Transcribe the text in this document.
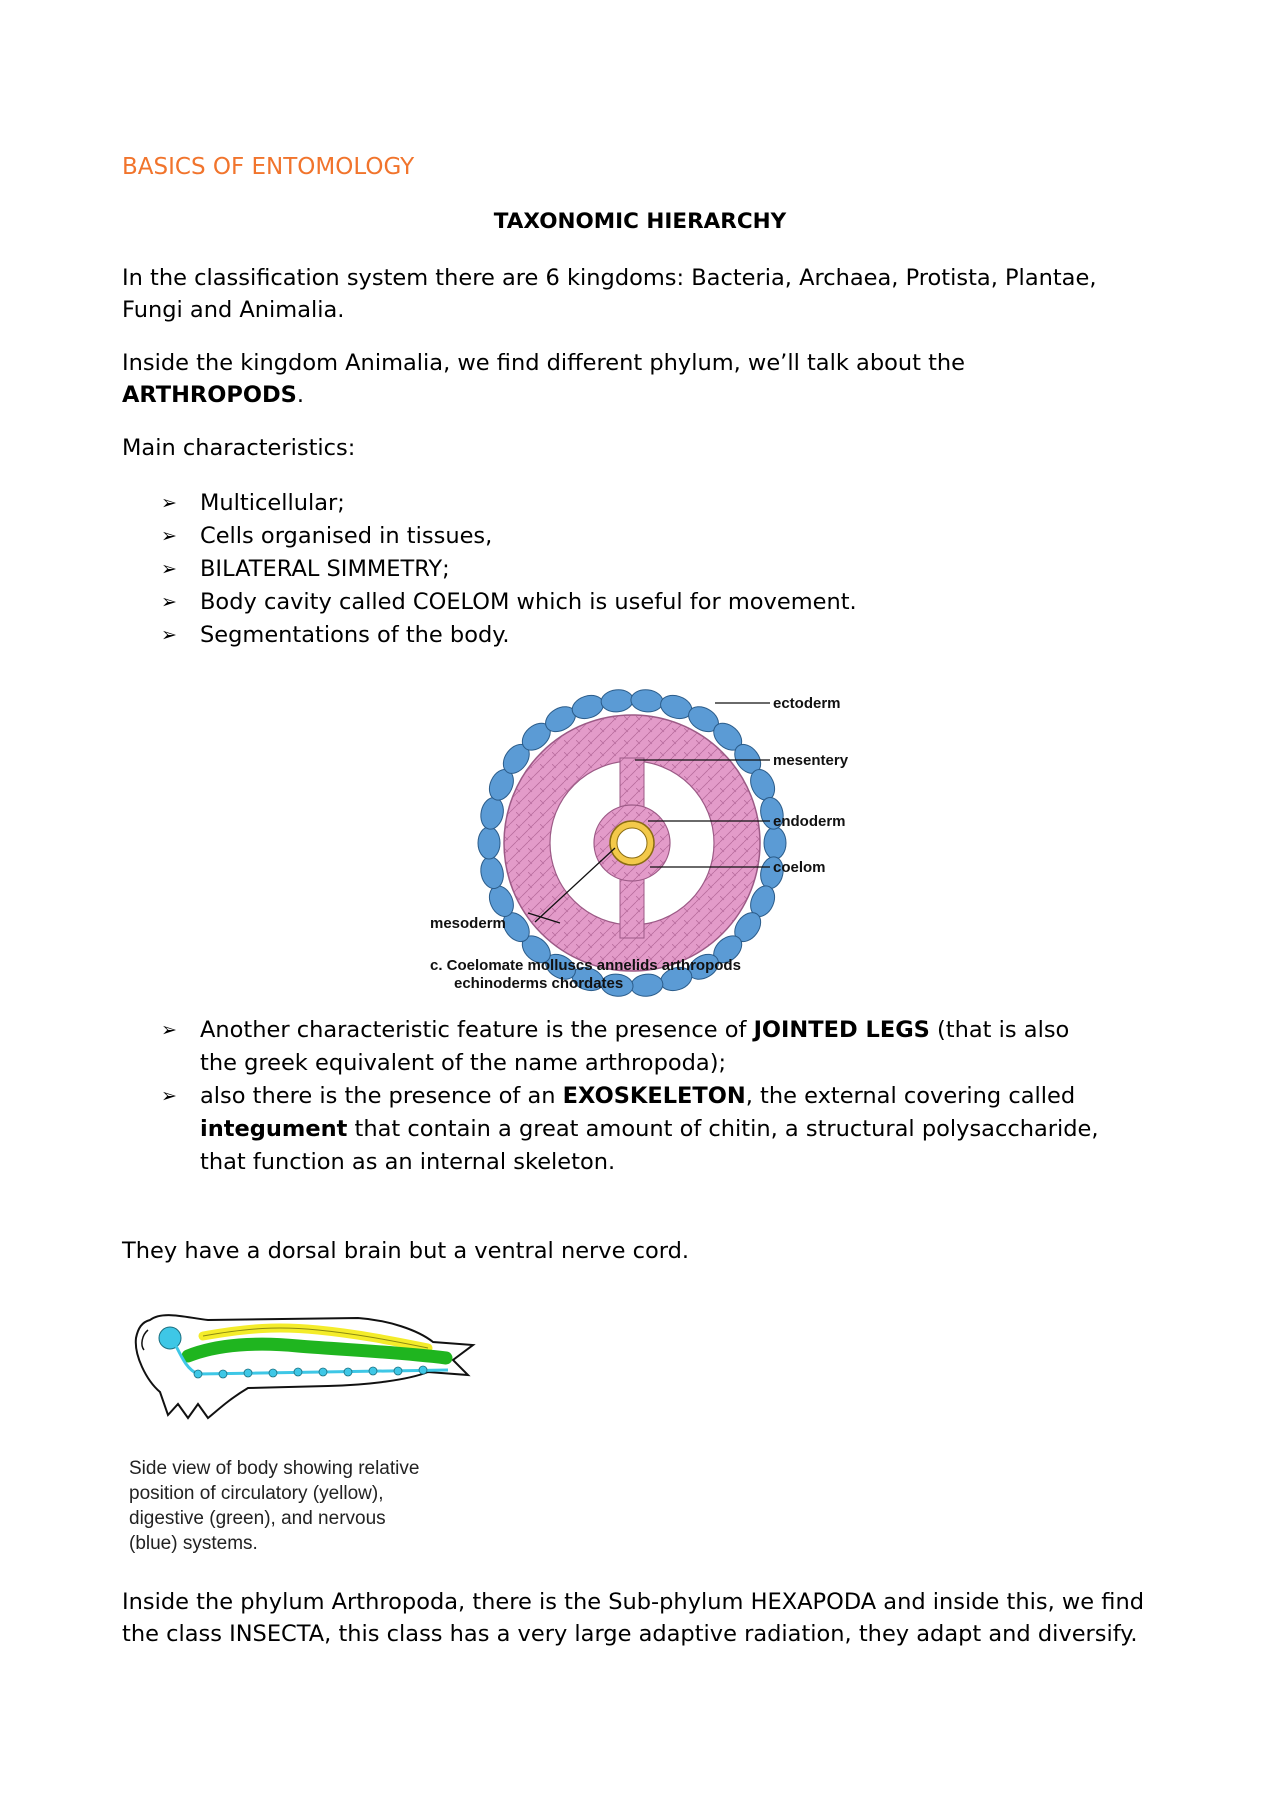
BASICS OF ENTOMOLOGY
TAXONOMIC HIERARCHY
In the classification system there are 6 kingdoms: Bacteria, Archaea, Protista, Plantae,
Fungi and Animalia.
Inside the kingdom Animalia, we find different phylum, we’ll talk about the
ARTHROPODS.
Main characteristics:
➢ Multicellular;
➢ Cells organised in tissues,
➢ BILATERAL SIMMETRY;
➢ Body cavity called COELOM which is useful for movement.
➢ Segmentations of the body.
ectoderm
mesentery
endoderm
coelom
mesoderm
c. Coelomate molluscs annelids arthropods
echinoderms chordates
➢ Another characteristic feature is the presence of JOINTED LEGS (that is also
the greek equivalent of the name arthropoda);
➢ also there is the presence of an EXOSKELETON, the external covering called
integument that contain a great amount of chitin, a structural polysaccharide,
that function as an internal skeleton.
They have a dorsal brain but a ventral nerve cord.
Side view of body showing relative
position of circulatory (yellow),
digestive (green), and nervous
(blue) systems.
Inside the phylum Arthropoda, there is the Sub-phylum HEXAPODA and inside this, we find
the class INSECTA, this class has a very large adaptive radiation, they adapt and diversify.
